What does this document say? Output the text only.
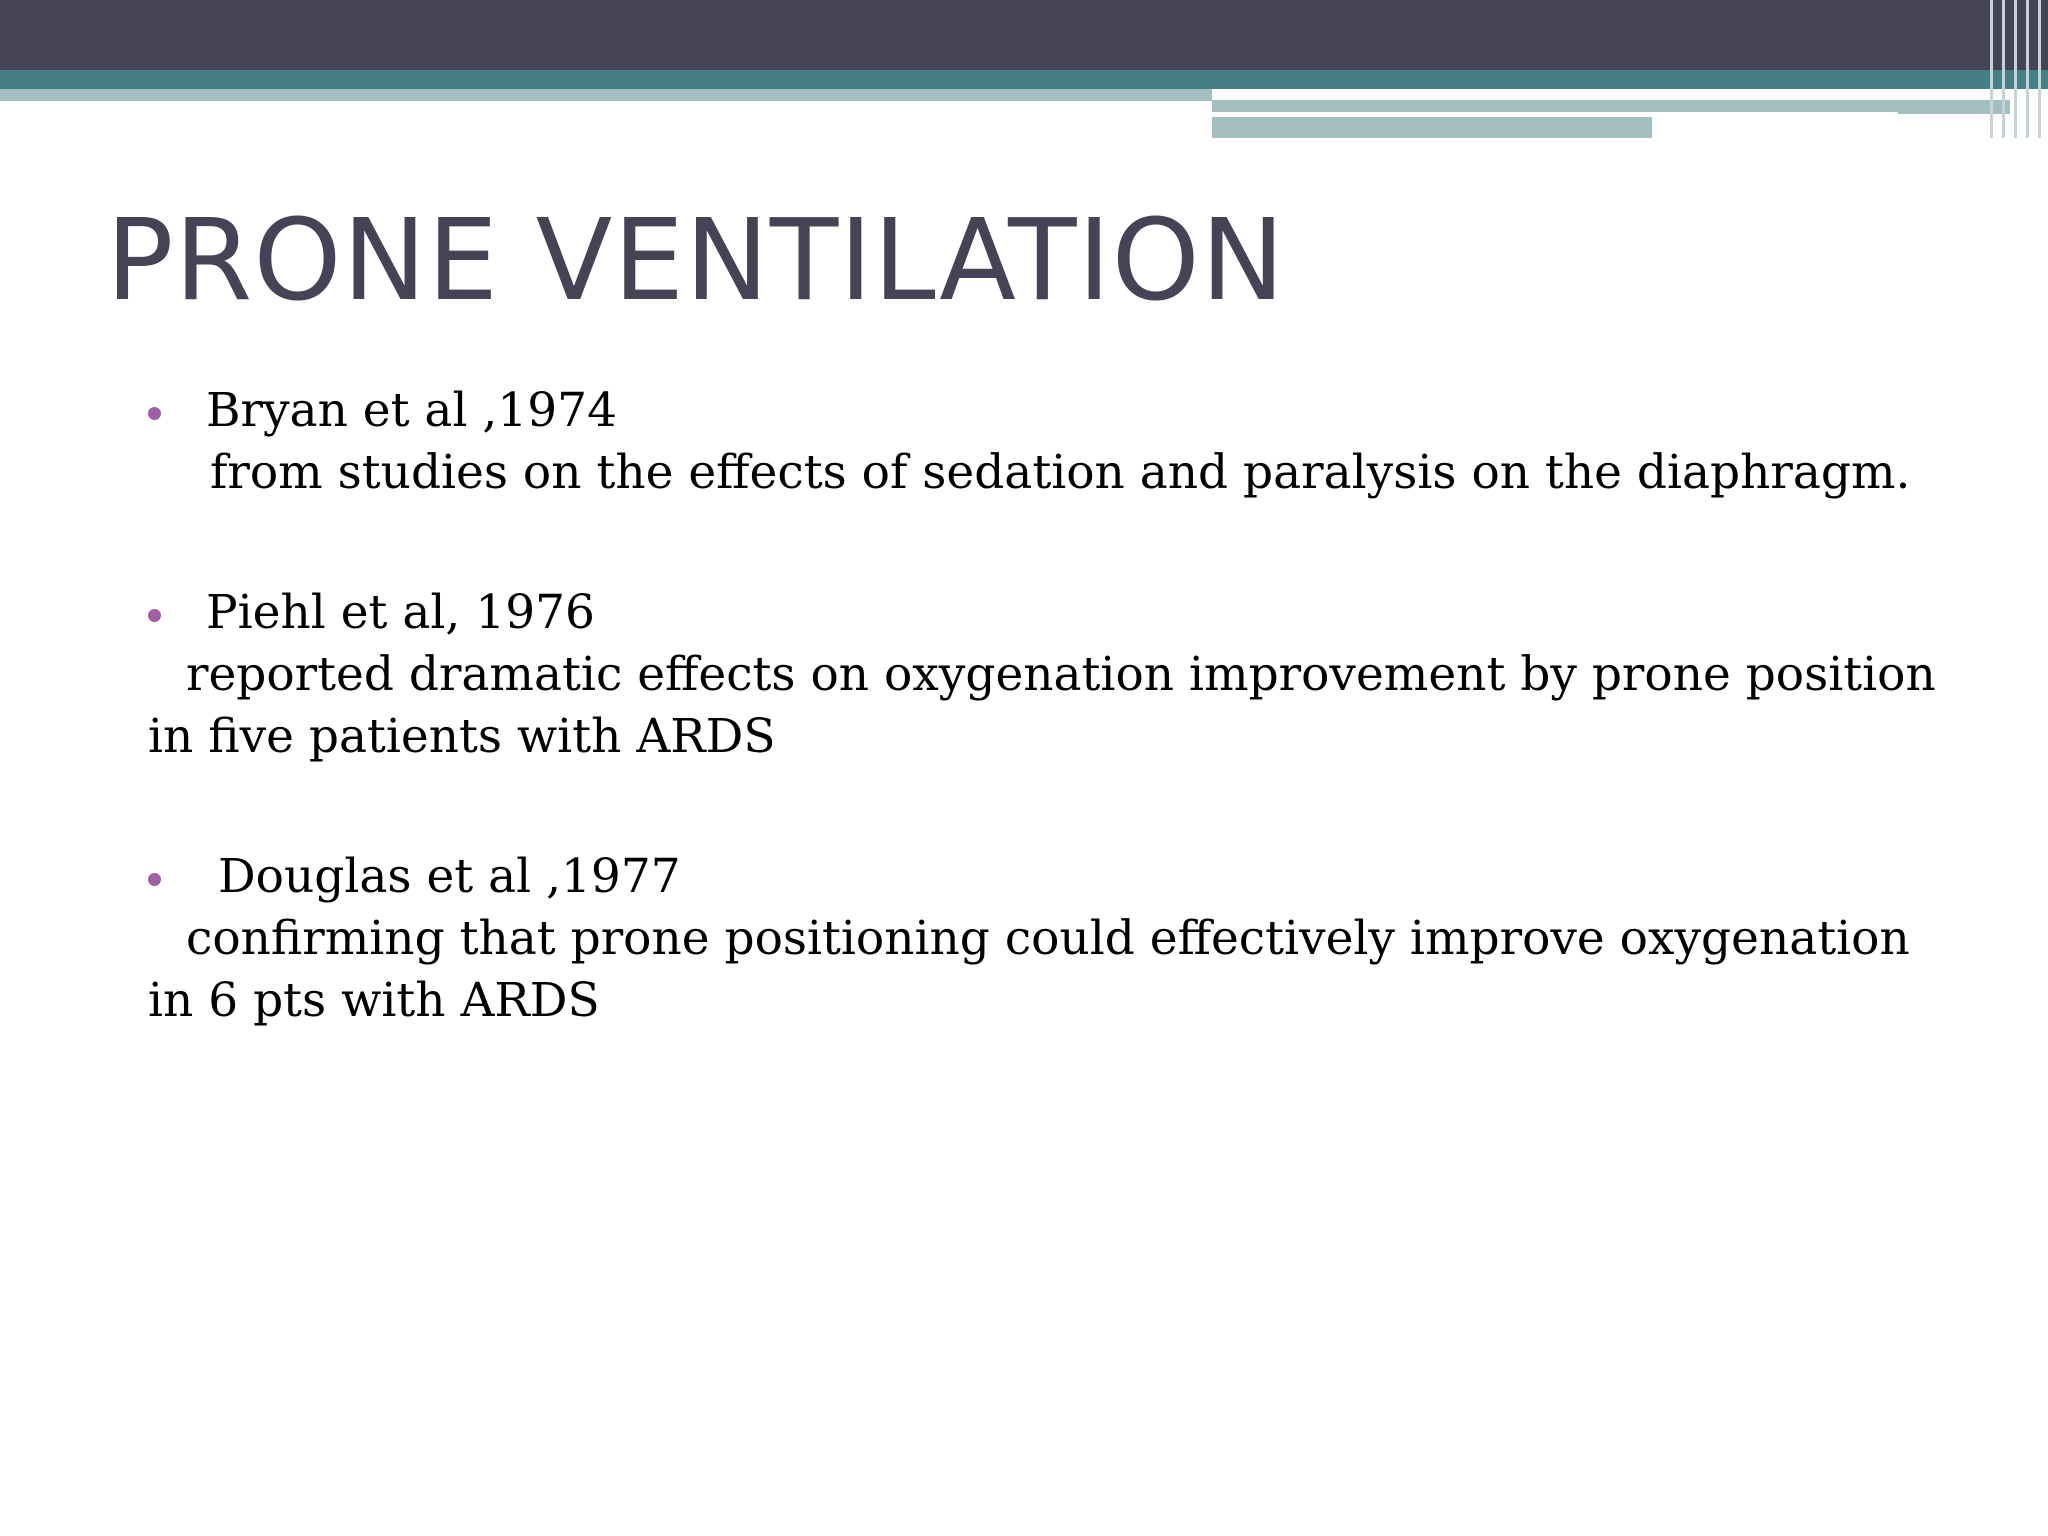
PRONE VENTILATION
Bryan et al ,1974
from studies on the effects of sedation and paralysis on the diaphragm.
Piehl et al, 1976
reported dramatic effects on oxygenation improvement by prone position in five patients with ARDS
Douglas et al ,1977
confirming that prone positioning could effectively improve oxygenation in 6 pts with ARDS
